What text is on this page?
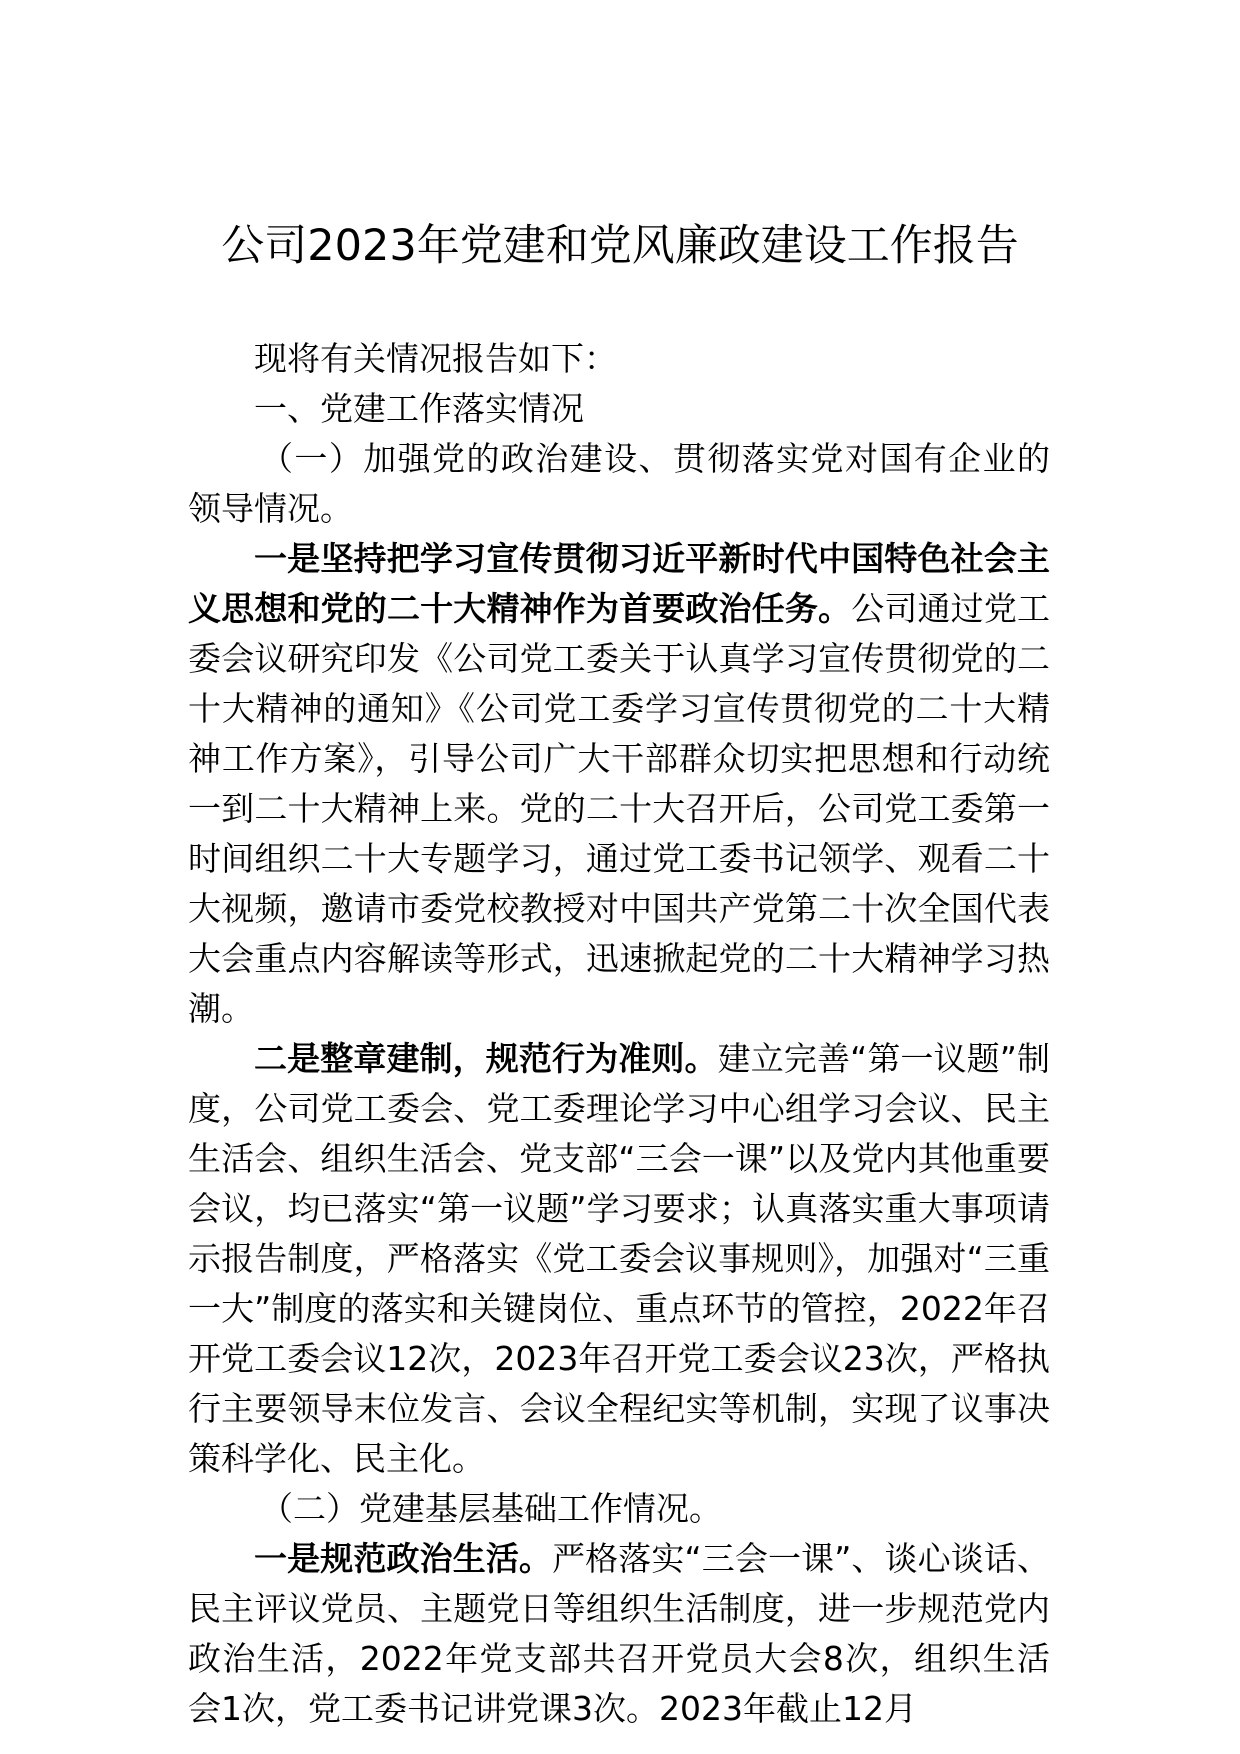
公司2023年党建和党风廉政建设工作报告

现将有关情况报告如下：

一、党建工作落实情况

（一）加强党的政治建设、贯彻落实党对国有企业的领导情况。

一是坚持把学习宣传贯彻习近平新时代中国特色社会主义思想和党的二十大精神作为首要政治任务。公司通过党工委会议研究印发《公司党工委关于认真学习宣传贯彻党的二十大精神的通知》《公司党工委学习宣传贯彻党的二十大精神工作方案》，引导公司广大干部群众切实把思想和行动统一到二十大精神上来。党的二十大召开后，公司党工委第一时间组织二十大专题学习，通过党工委书记领学、观看二十大视频，邀请市委党校教授对中国共产党第二十次全国代表大会重点内容解读等形式，迅速掀起党的二十大精神学习热潮。

二是整章建制，规范行为准则。建立完善“第一议题”制度，公司党工委会、党工委理论学习中心组学习会议、民主生活会、组织生活会、党支部“三会一课”以及党内其他重要会议，均已落实“第一议题”学习要求；认真落实重大事项请示报告制度，严格落实《党工委会议事规则》，加强对“三重一大”制度的落实和关键岗位、重点环节的管控，2022年召开党工委会议12次，2023年召开党工委会议23次，严格执行主要领导末位发言、会议全程纪实等机制，实现了议事决策科学化、民主化。

（二）党建基层基础工作情况。

一是规范政治生活。严格落实“三会一课”、谈心谈话、民主评议党员、主题党日等组织生活制度，进一步规范党内政治生活，2022年党支部共召开党员大会8次，组织生活会1次，党工委书记讲党课3次。2023年截止12月
